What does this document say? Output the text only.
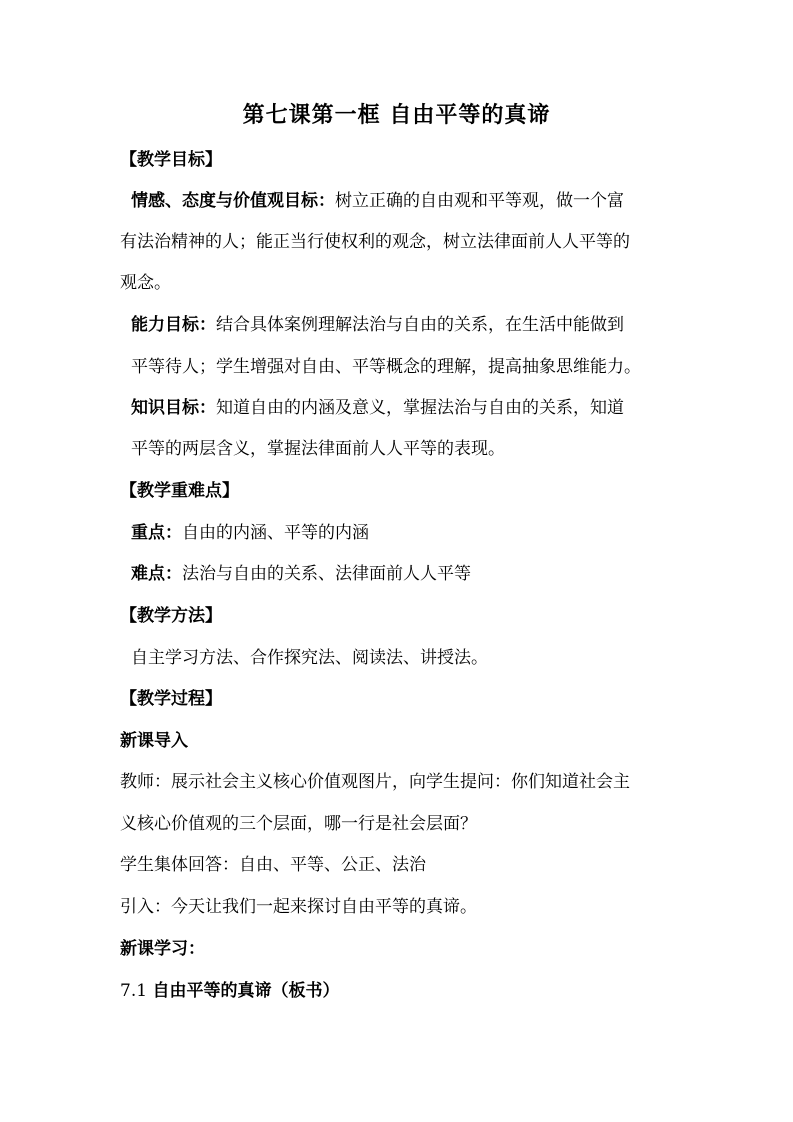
第七课第一框 自由平等的真谛
【教学目标】
情感、态度与价值观目标：树立正确的自由观和平等观，做一个富
有法治精神的人；能正当行使权利的观念，树立法律面前人人平等的
观念。
能力目标：结合具体案例理解法治与自由的关系，在生活中能做到
平等待人；学生增强对自由、平等概念的理解，提高抽象思维能力。
知识目标：知道自由的内涵及意义，掌握法治与自由的关系，知道
平等的两层含义，掌握法律面前人人平等的表现。
【教学重难点】
重点：自由的内涵、平等的内涵
难点：法治与自由的关系、法律面前人人平等
【教学方法】
自主学习方法、合作探究法、阅读法、讲授法。
【教学过程】
新课导入
教师：展示社会主义核心价值观图片，向学生提问：你们知道社会主
义核心价值观的三个层面，哪一行是社会层面？
学生集体回答：自由、平等、公正、法治
引入：今天让我们一起来探讨自由平等的真谛。
新课学习：
7.1 自由平等的真谛（板书）
